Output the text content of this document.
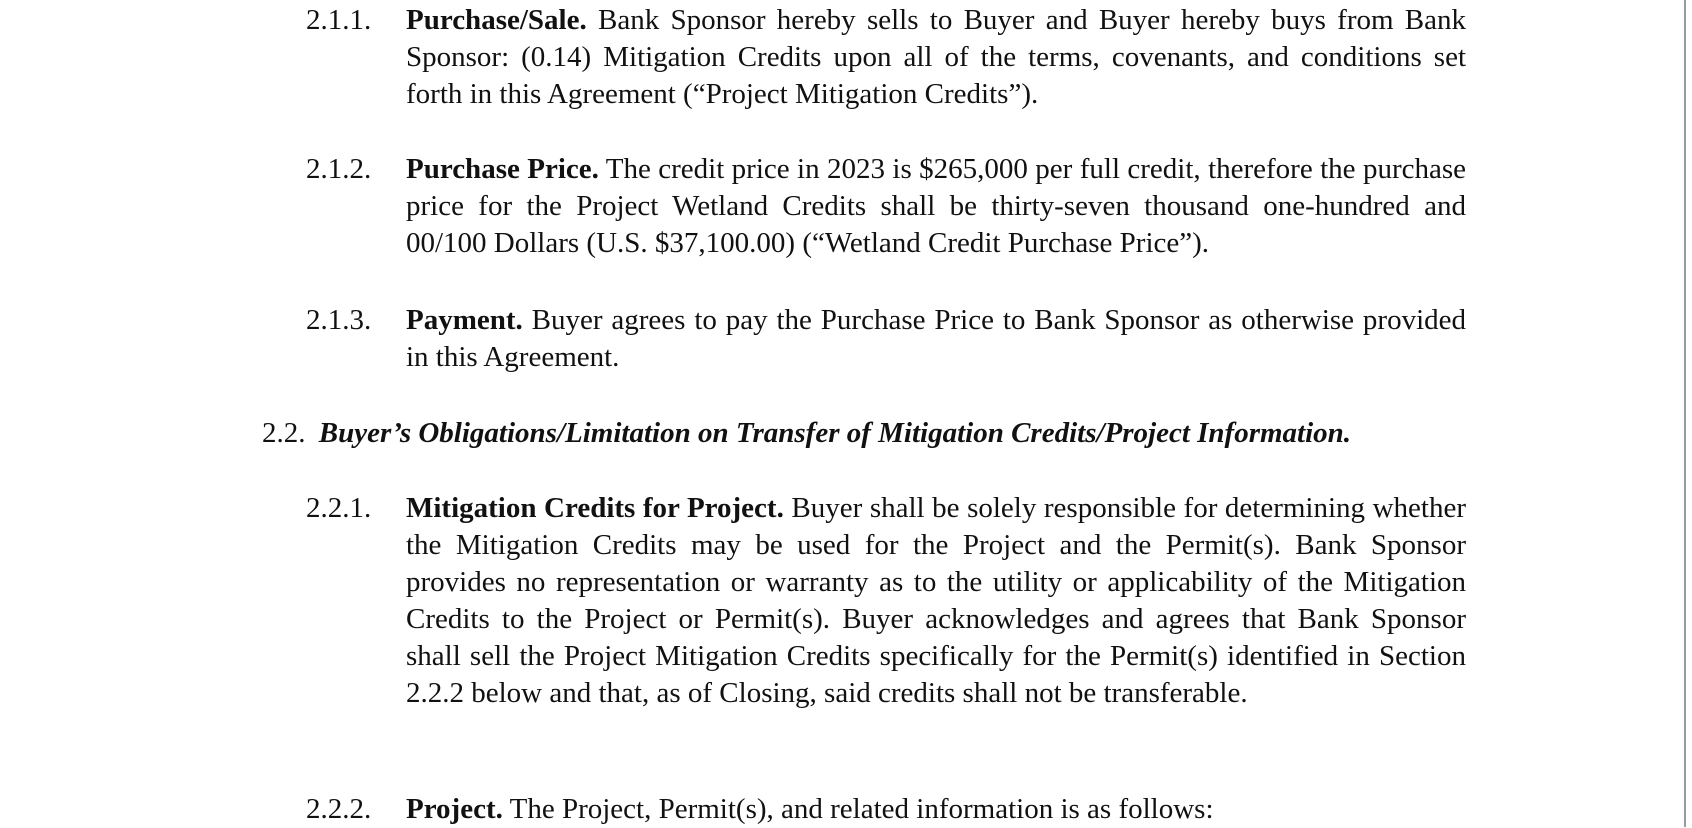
2.1.1.	Purchase/Sale. Bank Sponsor hereby sells to Buyer and Buyer hereby buys from Bank Sponsor: (0.14) Mitigation Credits upon all of the terms, covenants, and conditions set forth in this Agreement (“Project Mitigation Credits”).
2.1.2.	Purchase Price. The credit price in 2023 is $265,000 per full credit, therefore the purchase price for the Project Wetland Credits shall be thirty-seven thousand one-hundred and 00/100 Dollars (U.S. $37,100.00) (“Wetland Credit Purchase Price”).
2.1.3.	Payment. Buyer agrees to pay the Purchase Price to Bank Sponsor as otherwise provided in this Agreement.
2.2. Buyer’s Obligations/Limitation on Transfer of Mitigation Credits/Project Information.
2.2.1.	Mitigation Credits for Project. Buyer shall be solely responsible for determining whether the Mitigation Credits may be used for the Project and the Permit(s). Bank Sponsor provides no representation or warranty as to the utility or applicability of the Mitigation Credits to the Project or Permit(s). Buyer acknowledges and agrees that Bank Sponsor shall sell the Project Mitigation Credits specifically for the Permit(s) identified in Section 2.2.2 below and that, as of Closing, said credits shall not be transferable.
2.2.2.	Project. The Project, Permit(s), and related information is as follows:
